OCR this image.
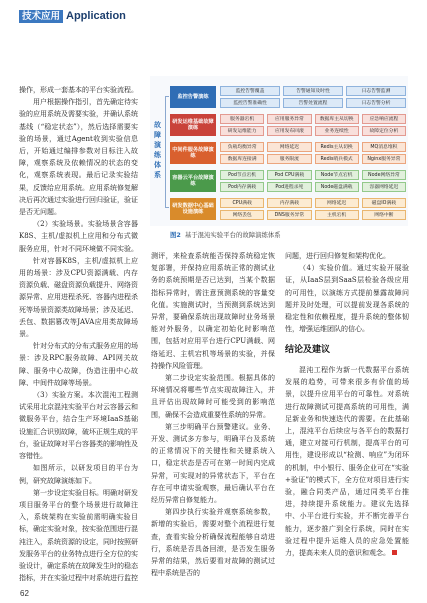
技术应用 Application

操作，形成一套基本的平台实验流程。

用户根据操作指引，首先确定待实验的应用系统及需要实验，并确认系统基线（“稳定状态”），然后选择需要实验的场景，通过Agent收到实验信息后，开始通过编排参数对目标注入故障，观察系统及依赖情况的状态的变化，观察系统表现。最后记录实验结果，反馈给应用系统。应用系统修复解决后再次通过实验进行回归验证，验证是否无问题。

（2）实验场景。实验场景含容器K8S、主机/虚拟机上应用和分布式微服务应用，针对不同环境做不同实验。

针对容器K8S，主机/虚拟机上应用的场景：涉及CPU资源满载、内存资源负载、磁盘资源负载提升、网络资源异常、应用进程杀死、容器内进程杀死等场景资源类故障场景；涉及延迟、丢包、数据篡改等JAVA应用类故障场景。

针对分布式的分布式服务应用的场景：涉及RPC服务故障、API网关故障、服务中心故障，伪造注册中心故障、中间件故障等场景。

（3）实验方案。本次混沌工程测试采用北京混沌实验平台对云容器云和微服务平台，结合生产环境IaaS基础设施汇合识别故障，破坏正规生成的平台，验证故障对平台容器类的影响性及容错性。

如图所示，以研发项目的平台为例，研究故障演练如下。

第一步设定实验目标。明确对研发项目服务平台的整个场景进行故障注入，系统架构在实验前需明确实验目标，确定实验对象，按实验范围进行混沌注入，系统资源的设定，同时按照研发服务平台的业务特点进行全方位的实验设计，确定系统在故障发生时的稳态指标，并在实验过程中对系统进行监控

故障演练体系
监控告警演练
监控告警覆盖	告警通知及时性	日志告警监测
监控告警准确性	告警处置流程	日志告警分析
研发运维基础故障演练
服务器宕机	应用服务异常	数据库主从切换	应急响应流程
研发运维能力	应用发布回滚	业务连续性	故障定位分析
中间件服务故障演练
负载均衡异常	网络延迟	Redis主从切换	MQ消息堆积
数据库连接满	服务限流	Redis哨兵模式	Nginx服务异常
容器云平台故障演练
Pod节点宕机	Pod CPU满载	Node节点宕机	Node网络异常
Pod内存满载	Pod进程杀死	Node磁盘满载	容器网络延迟
研发数据中心基础设施演练
CPU满载	内存满载	网络延迟	磁盘IO满载
网络丢包	DNS服务异常	主机宕机	网络中断
图2 基于混沌实验平台的故障演练体系

测评，来检查系统能否保持系统稳定恢复部署，并保持应用系统正常的测试业务的系统预期是否已达到，当某个数据指标异常时，需注意预测系统的容量变化值。实施测试时，当预测到系统达到异常，要确保系统出现故障时业务场景能对外服务，以确定初始化时影响范围，包括对应用平台进行CPU满载、网络延迟、主机宕机等场景的实验，并保持操作风险管理。

第二步设定实验范围。根据具体的环境情况将哪些节点实现故障注入，并且评估出现故障时可能受到的影响范围，确保不会造成重要性系统的异常。

第三步明确平台预警建议。业务、开发、测试多方参与，明确平台及系统的正常情况下的关键性和关键系统入口，稳定状态是否可在第一时间内完成异常，可实现对的异常状态下，平台在存在可申请实验观察，最后确认平台在经历异常自修复能力。

第四步执行实验并观察系统参数，新增的实验后，需要对整个流程进行复查，查看实验分析确保流程能够自动进行，系统是否具备回滚，是否发生服务异常的结果，然后要看对故障的测试过程中系统是否的

问题，进行回归修复和架构优化。

（4）实验价值。通过实验开展验证，从IaaS层到SaaS层检验各级应用的可用性，以演练方式提前暴露故障问题并及时处理，可以提前发现各系统的稳定性和依赖程度，提升系统的整体韧性，增强运维团队的信心。

结论及建议

混沌工程作为新一代数据平台系统发展的趋势，可带来很多有价值的场景，以提升应用平台的可靠性。对系统进行故障测试可提高系统的可用性，满足新业务和快速迭代的需要。在此基础上，混沌平台后续应与各平台的数据打通，建立对接可行机制，提高平台的可用性，建设形成以“检测、响应”为闭环的机制，中小银行、服务企业可在“实验+验证”的模式下，全方位对项目进行实验，融合同类产品，通过同类平台推进，持续提升系统能力。建议先选择中、小平台进行实验，并不断完善平台能力，逐步推广到全行系统，同时在实验过程中提升运维人员的应急处置能力，提高未来人员的意识和观念。

62
